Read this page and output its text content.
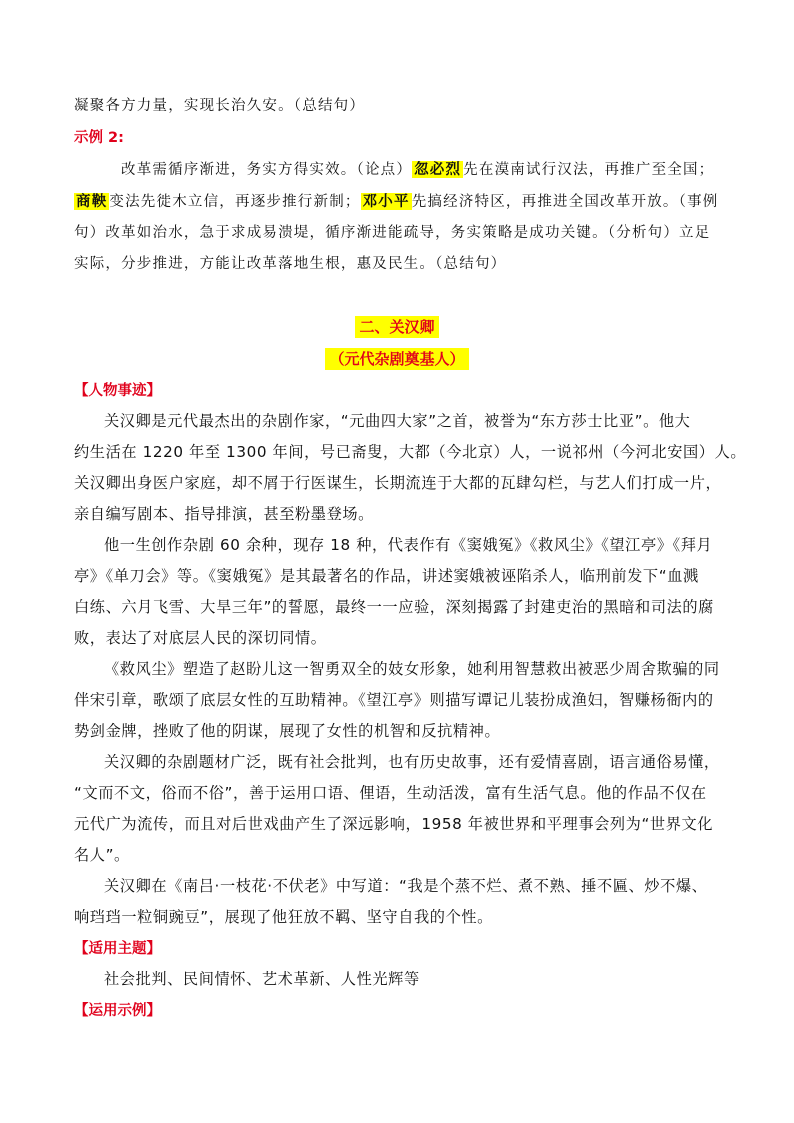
凝聚各方力量，实现长治久安。（总结句）
示例 2:
改革需循序渐进，务实方得实效。（论点） 忽必烈 先在漠南试行汉法，再推广至全国；
商鞅 变法先徙木立信，再逐步推行新制； 邓小平 先搞经济特区，再推进全国改革开放。（事例
句）改革如治水，急于求成易溃堤，循序渐进能疏导，务实策略是成功关键。（分析句）立足
实际，分步推进，方能让改革落地生根，惠及民生。（总结句）
二、关汉卿
（元代杂剧奠基人）
【人物事迹】
关汉卿是元代最杰出的杂剧作家，“元曲四大家”之首，被誉为“东方莎士比亚”。他大
约生活在 1220 年至 1300 年间，号已斋叟，大都（今北京）人，一说祁州（今河北安国）人。
关汉卿出身医户家庭，却不屑于行医谋生，长期流连于大都的瓦肆勾栏，与艺人们打成一片，
亲自编写剧本、指导排演，甚至粉墨登场。
他一生创作杂剧 60 余种，现存 18 种，代表作有《窦娥冤》《救风尘》《望江亭》《拜月
亭》《单刀会》等。《窦娥冤》是其最著名的作品，讲述窦娥被诬陷杀人，临刑前发下“血溅
白练、六月飞雪、大旱三年”的誓愿，最终一一应验，深刻揭露了封建吏治的黑暗和司法的腐
败，表达了对底层人民的深切同情。
《救风尘》塑造了赵盼儿这一智勇双全的妓女形象，她利用智慧救出被恶少周舍欺骗的同
伴宋引章，歌颂了底层女性的互助精神。《望江亭》则描写谭记儿装扮成渔妇，智赚杨衙内的
势剑金牌，挫败了他的阴谋，展现了女性的机智和反抗精神。
关汉卿的杂剧题材广泛，既有社会批判，也有历史故事，还有爱情喜剧，语言通俗易懂，
“文而不文，俗而不俗”，善于运用口语、俚语，生动活泼，富有生活气息。他的作品不仅在
元代广为流传，而且对后世戏曲产生了深远影响，1958 年被世界和平理事会列为“世界文化
名人”。
关汉卿在《南吕·一枝花·不伏老》中写道：“我是个蒸不烂、煮不熟、捶不匾、炒不爆、
响珰珰一粒铜豌豆”，展现了他狂放不羁、坚守自我的个性。
【适用主题】
社会批判、民间情怀、艺术革新、人性光辉等
【运用示例】
